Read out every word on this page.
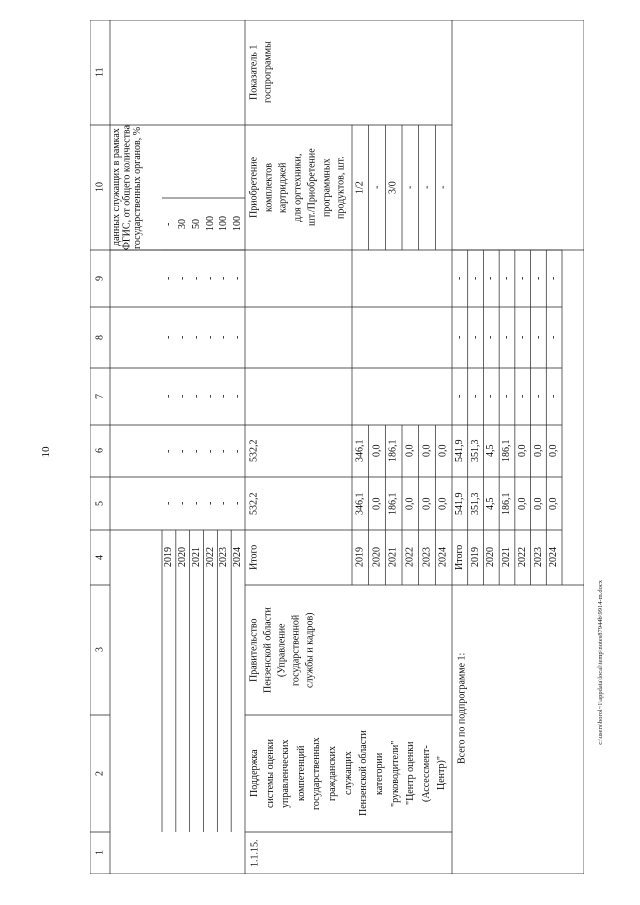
10
c:\users\borol~1\appdata\local\temp\notes87944b\9914-m.docx
1
2
3
4
5
6
7
8
9
10
11
2019
-
-
-
-
-
-
2020
-
-
-
-
-
30
2021
-
-
-
-
-
50
2022
-
-
-
-
-
100
2023
-
-
-
-
-
100
2024
-
-
-
-
-
100
данных служащих в рамках ФГИС, от общего количества государственных органов, %
1.1.15.
Поддержка системы оценки управленческих компетенций государственных гражданских служащих Пензенской области категории "руководители" "Центр оценки (Ассессмент- Центр)"
Правительство Пензенской области (Управление государственной службы и кадров)
Итого
532,2
532,2
Приобретение комплектов картриджей для оргтехники, шт./Приобретение программных продуктов, шт.
Показатель 1 госпрограммы
2019
346,1
346,1
1/2
2020
0,0
0,0
-
2021
186,1
186,1
3/0
2022
0,0
0,0
-
2023
0,0
0,0
-
2024
0,0
0,0
-
Всего по подпрограмме 1:
Итого
541,9
541,9
-
-
-
2019
351,3
351,3
-
-
-
2020
4,5
4,5
-
-
-
2021
186,1
186,1
-
-
-
2022
0,0
0,0
-
-
-
2023
0,0
0,0
-
-
-
2024
0,0
0,0
-
-
-
